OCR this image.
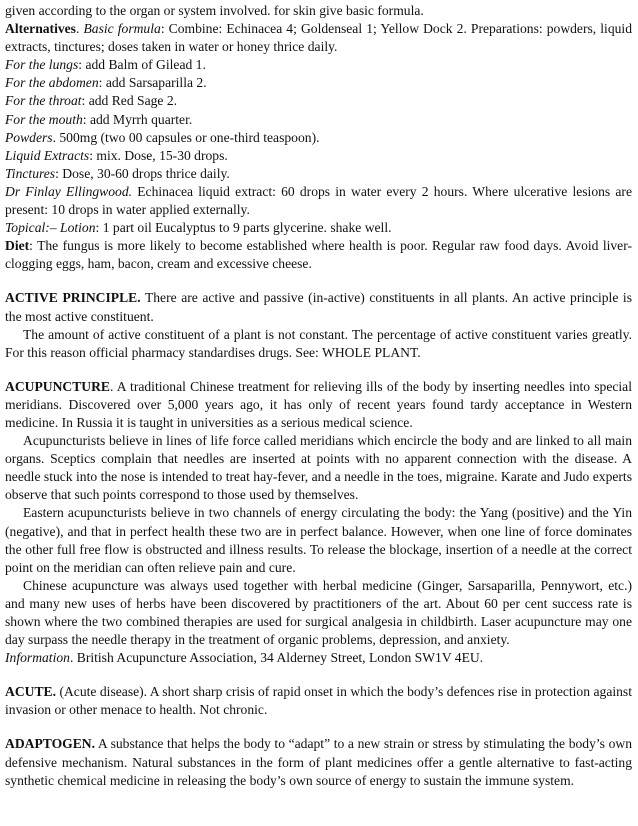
given according to the organ or system involved. for skin give basic formula.

Alternatives. Basic formula: Combine: Echinacea 4; Goldenseal 1; Yellow Dock 2. Preparations: powders, liquid extracts, tinctures; doses taken in water or honey thrice daily.

For the lungs: add Balm of Gilead 1.

For the abdomen: add Sarsaparilla 2.

For the throat: add Red Sage 2.

For the mouth: add Myrrh quarter.

Powders. 500mg (two 00 capsules or one-third teaspoon).

Liquid Extracts: mix. Dose, 15-30 drops.

Tinctures: Dose, 30-60 drops thrice daily.

Dr Finlay Ellingwood. Echinacea liquid extract: 60 drops in water every 2 hours. Where ulcerative lesions are present: 10 drops in water applied externally.

Topical:– Lotion: 1 part oil Eucalyptus to 9 parts glycerine. shake well.

Diet: The fungus is more likely to become established where health is poor. Regular raw food days. Avoid liver-clogging eggs, ham, bacon, cream and excessive cheese.

ACTIVE PRINCIPLE. There are active and passive (in-active) constituents in all plants. An active principle is the most active constituent.

The amount of active constituent of a plant is not constant. The percentage of active constituent varies greatly. For this reason official pharmacy standardises drugs. See: WHOLE PLANT.

ACUPUNCTURE. A traditional Chinese treatment for relieving ills of the body by inserting needles into special meridians. Discovered over 5,000 years ago, it has only of recent years found tardy acceptance in Western medicine. In Russia it is taught in universities as a serious medical science.

Acupuncturists believe in lines of life force called meridians which encircle the body and are linked to all main organs. Sceptics complain that needles are inserted at points with no apparent connection with the disease. A needle stuck into the nose is intended to treat hay-fever, and a needle in the toes, migraine. Karate and Judo experts observe that such points correspond to those used by themselves.

Eastern acupuncturists believe in two channels of energy circulating the body: the Yang (positive) and the Yin (negative), and that in perfect health these two are in perfect balance. However, when one line of force dominates the other full free flow is obstructed and illness results. To release the blockage, insertion of a needle at the correct point on the meridian can often relieve pain and cure.

Chinese acupuncture was always used together with herbal medicine (Ginger, Sarsaparilla, Pennywort, etc.) and many new uses of herbs have been discovered by practitioners of the art. About 60 per cent success rate is shown where the two combined therapies are used for surgical analgesia in childbirth. Laser acupuncture may one day surpass the needle therapy in the treatment of organic problems, depression, and anxiety.

Information. British Acupuncture Association, 34 Alderney Street, London SW1V 4EU.

ACUTE. (Acute disease). A short sharp crisis of rapid onset in which the body’s defences rise in protection against invasion or other menace to health. Not chronic.

ADAPTOGEN. A substance that helps the body to “adapt” to a new strain or stress by stimulating the body’s own defensive mechanism. Natural substances in the form of plant medicines offer a gentle alternative to fast-acting synthetic chemical medicine in releasing the body’s own source of energy to sustain the immune system.
